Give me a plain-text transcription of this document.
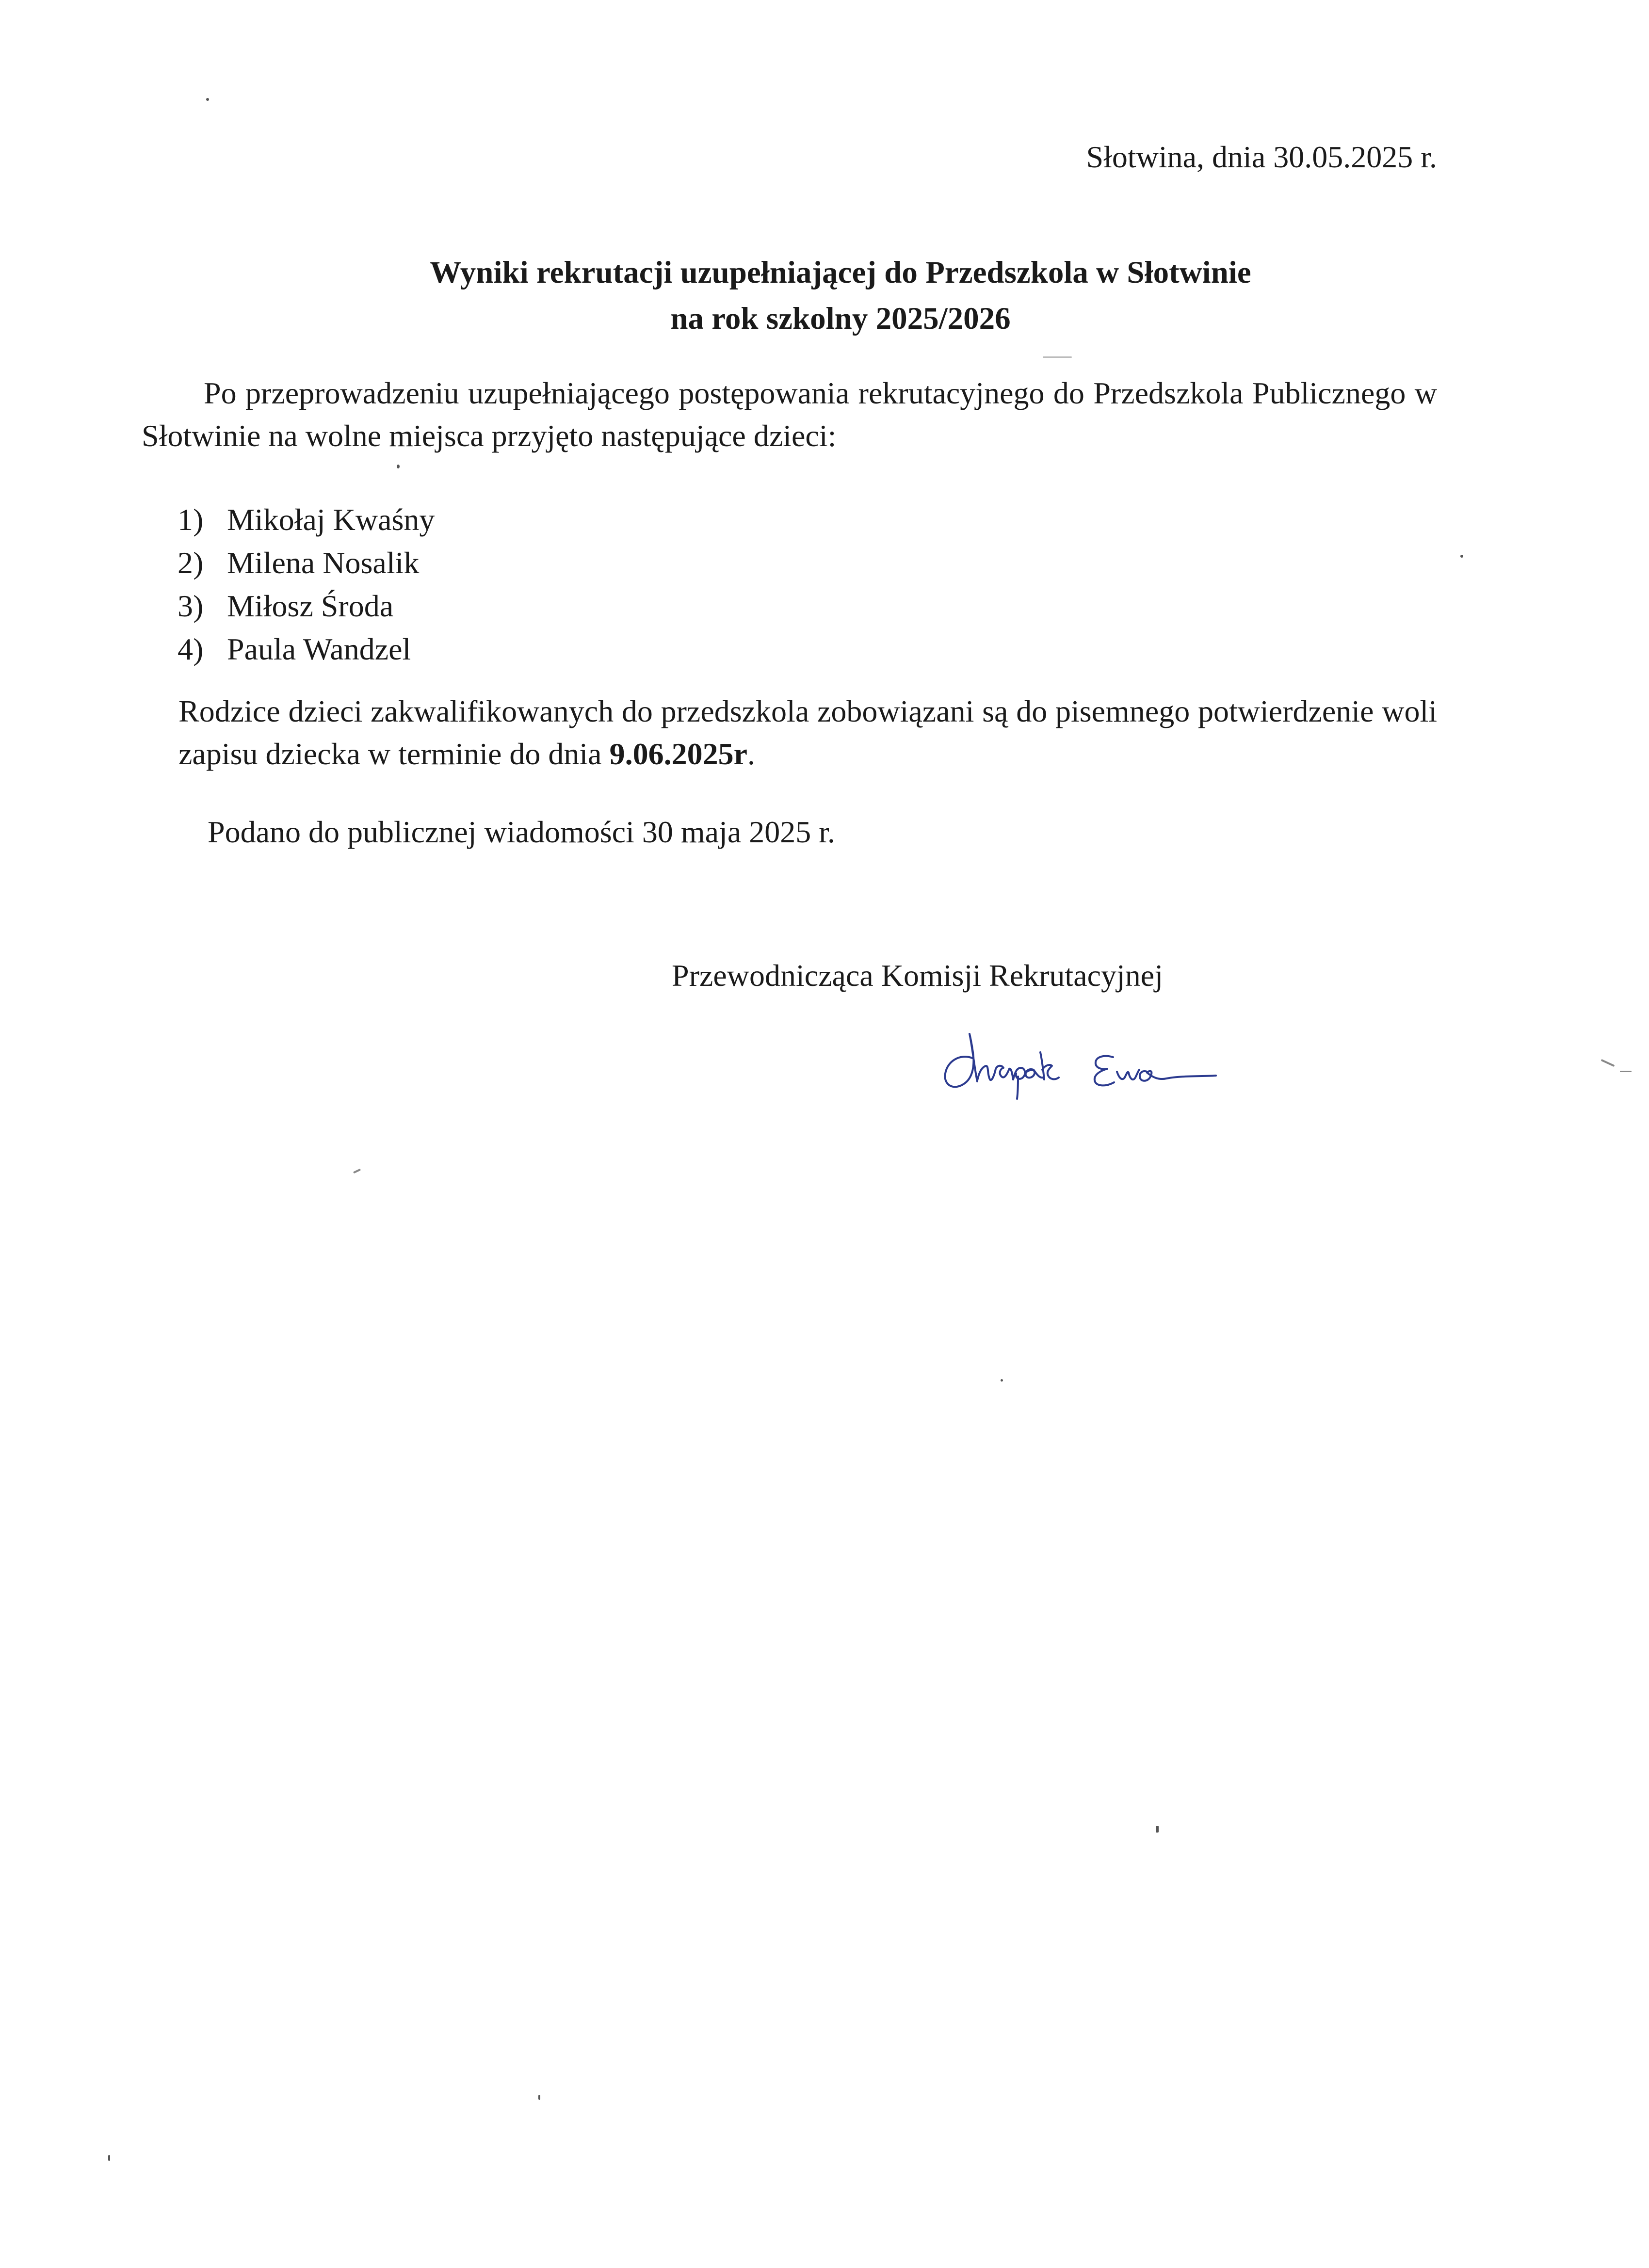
Słotwina, dnia 30.05.2025 r.
Wyniki rekrutacji uzupełniającej do Przedszkola w Słotwinie
na rok szkolny 2025/2026
Po przeprowadzeniu uzupełniającego postępowania rekrutacyjnego do Przedszkola Publicznego w Słotwinie na wolne miejsca przyjęto następujące dzieci:
1) Mikołaj Kwaśny
2) Milena Nosalik
3) Miłosz Środa
4) Paula Wandzel
Rodzice dzieci zakwalifikowanych do przedszkola zobowiązani są do pisemnego potwierdzenie woli zapisu dziecka w terminie do dnia 9.06.2025r.
Podano do publicznej wiadomości 30 maja 2025 r.
Przewodnicząca Komisji Rekrutacyjnej
